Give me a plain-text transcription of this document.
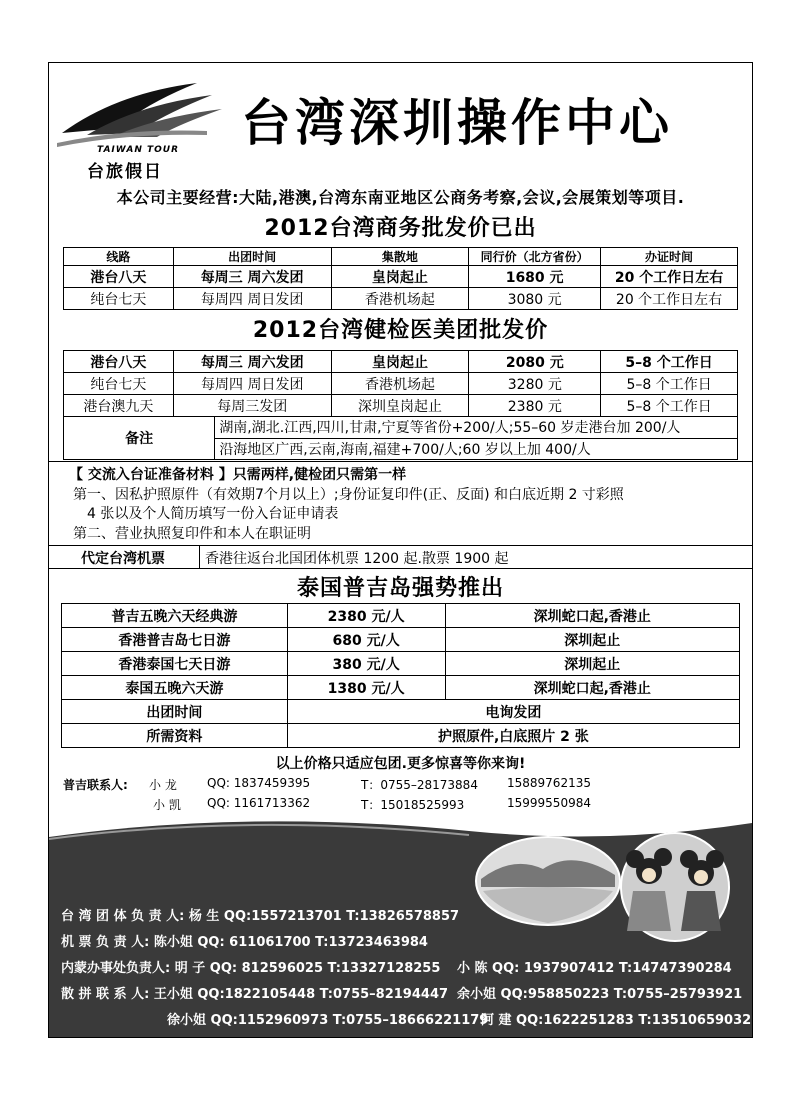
TAIWAN TOUR
台旅假日
台湾深圳操作中心
本公司主要经营:大陆,港澳,台湾东南亚地区公商务考察,会议,会展策划等项目.
2012台湾商务批发价已出
线路	出团时间	集散地	同行价（北方省份）	办证时间
港台八天	每周三 周六发团	皇岗起止	1680 元	20 个工作日左右
纯台七天	每周四 周日发团	香港机场起	3080 元	20 个工作日左右
2012台湾健检医美团批发价
港台八天	每周三 周六发团	皇岗起止	2080 元	5–8 个工作日
纯台七天	每周四 周日发团	香港机场起	3280 元	5–8 个工作日
港台澳九天	每周三发团	深圳皇岗起止	2380 元	5–8 个工作日
备注	湖南,湖北.江西,四川,甘肃,宁夏等省份+200/人;55–60 岁走港台加 200/人
沿海地区广西,云南,海南,福建+700/人;60 岁以上加 400/人
【 交流入台证准备材料 】只需两样,健检团只需第一样
第一、因私护照原件（有效期7个月以上）;身份证复印件(正、反面) 和白底近期 2 寸彩照
4 张以及个人简历填写一份入台证申请表
第二、营业执照复印件和本人在职证明
代定台湾机票	香港往返台北国团体机票 1200 起.散票 1900 起
泰国普吉岛强势推出
普吉五晚六天经典游	2380 元/人	深圳蛇口起,香港止
香港普吉岛七日游	680 元/人	深圳起止
香港泰国七天日游	380 元/人	深圳起止
泰国五晚六天游	1380 元/人	深圳蛇口起,香港止
出团时间	电询发团	
所需资料	护照原件,白底照片 2 张	
以上价格只适应包团.更多惊喜等你来询!
普吉联系人: 小 龙	QQ: 1837459395	T：0755–28173884 15889762135
小 凯 QQ: 1161713362	T：15018525993	15999550984
台 湾 团 体 负 责 人: 杨 生 QQ:1557213701 T:13826578857
机 票 负 责 人: 陈小姐 QQ: 611061700 T:13723463984
内蒙办事处负责人: 明 子 QQ: 812596025 T:13327128255 小 陈 QQ: 1937907412 T:14747390284
散 拼 联 系 人: 王小姐 QQ:1822105448 T:0755–82194447 余小姐 QQ:958850223 T:0755–25793921
徐小姐 QQ:1152960973 T:0755–18666221179
阿 建 QQ:1622251283 T:13510659032
